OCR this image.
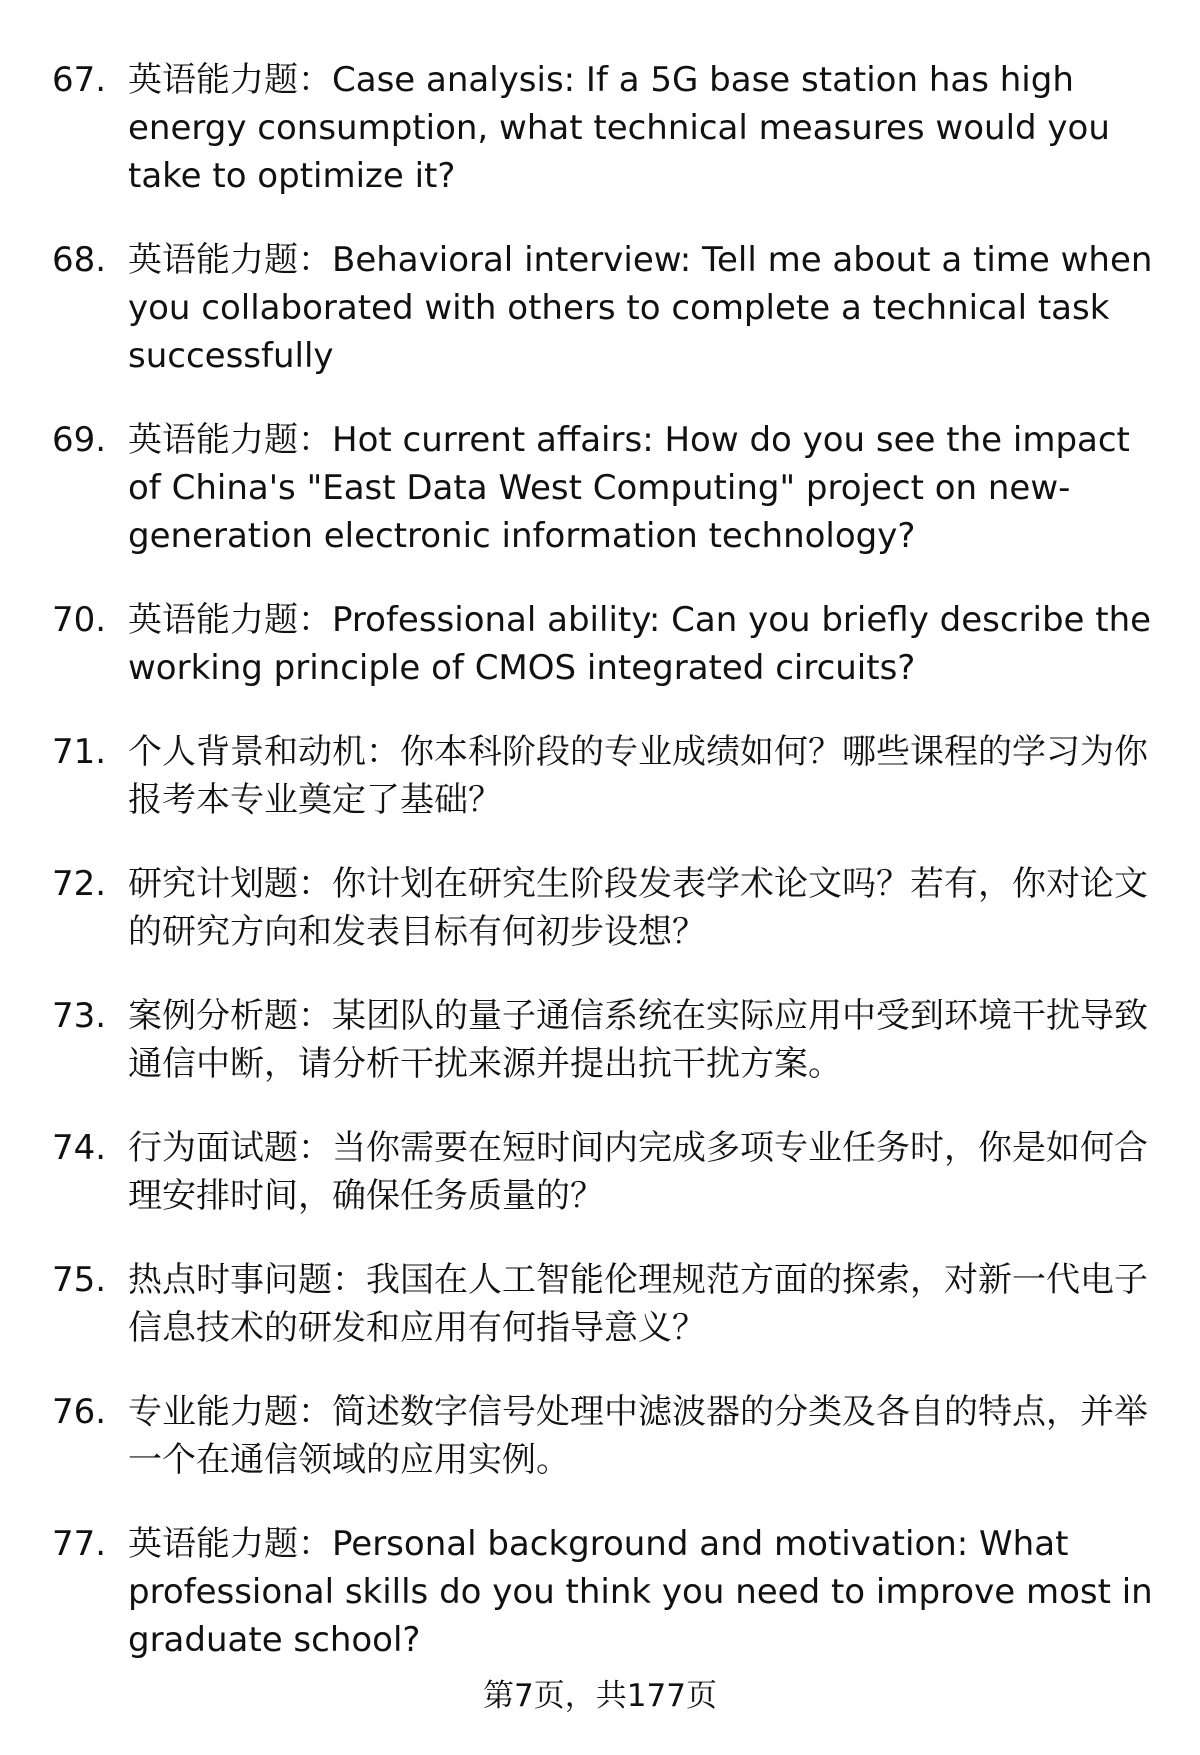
67. 英语能力题：Case analysis: If a 5G base station has high energy consumption, what technical measures would you take to optimize it?
68. 英语能力题：Behavioral interview: Tell me about a time when you collaborated with others to complete a technical task successfully
69. 英语能力题：Hot current affairs: How do you see the impact of China's "East Data West Computing" project on new-generation electronic information technology?
70. 英语能力题：Professional ability: Can you briefly describe the working principle of CMOS integrated circuits?
71. 个人背景和动机：你本科阶段的专业成绩如何？哪些课程的学习为你报考本专业奠定了基础？
72. 研究计划题：你计划在研究生阶段发表学术论文吗？若有，你对论文的研究方向和发表目标有何初步设想？
73. 案例分析题：某团队的量子通信系统在实际应用中受到环境干扰导致通信中断，请分析干扰来源并提出抗干扰方案。
74. 行为面试题：当你需要在短时间内完成多项专业任务时，你是如何合理安排时间，确保任务质量的？
75. 热点时事问题：我国在人工智能伦理规范方面的探索，对新一代电子信息技术的研发和应用有何指导意义？
76. 专业能力题：简述数字信号处理中滤波器的分类及各自的特点，并举一个在通信领域的应用实例。
77. 英语能力题：Personal background and motivation: What professional skills do you think you need to improve most in graduate school?
第7页，共177页
